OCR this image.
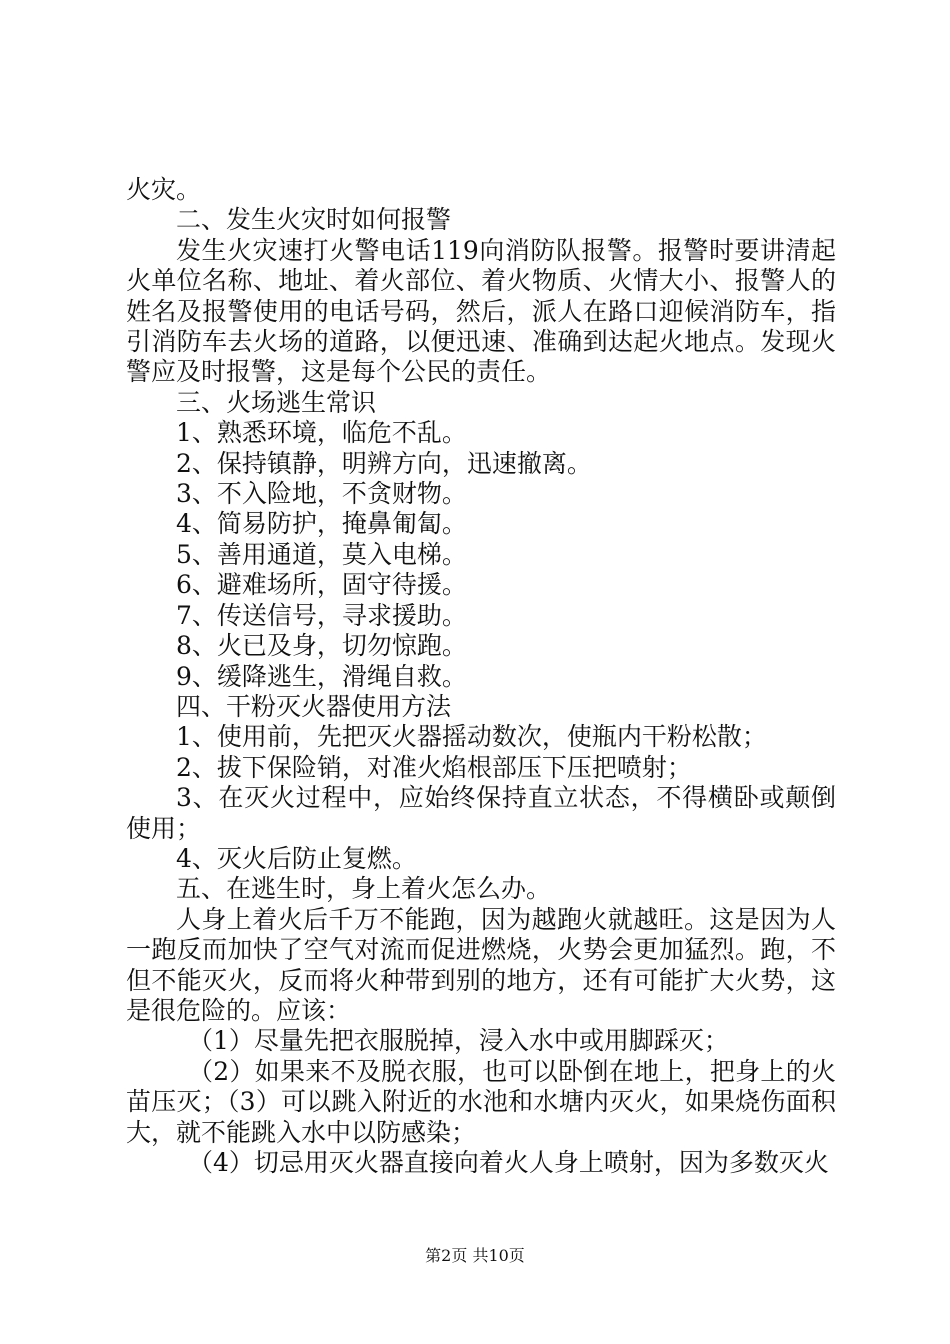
火灾。

二、发生火灾时如何报警

发生火灾速打火警电话119向消防队报警。报警时要讲清起火单位名称、地址、着火部位、着火物质、火情大小、报警人的姓名及报警使用的电话号码，然后，派人在路口迎候消防车，指引消防车去火场的道路，以便迅速、准确到达起火地点。发现火警应及时报警，这是每个公民的责任。

三、火场逃生常识

1、熟悉环境，临危不乱。

2、保持镇静，明辨方向，迅速撤离。

3、不入险地，不贪财物。

4、简易防护，掩鼻匍匐。

5、善用通道，莫入电梯。

6、避难场所，固守待援。

7、传送信号，寻求援助。

8、火已及身，切勿惊跑。

9、缓降逃生，滑绳自救。

四、干粉灭火器使用方法

1、使用前，先把灭火器摇动数次，使瓶内干粉松散；

2、拔下保险销，对准火焰根部压下压把喷射；

3、在灭火过程中，应始终保持直立状态，不得横卧或颠倒使用；

4、灭火后防止复燃。

五、在逃生时，身上着火怎么办。

人身上着火后千万不能跑，因为越跑火就越旺。这是因为人一跑反而加快了空气对流而促进燃烧，火势会更加猛烈。跑，不但不能灭火，反而将火种带到别的地方，还有可能扩大火势，这是很危险的。应该：

（1）尽量先把衣服脱掉，浸入水中或用脚踩灭；

（2）如果来不及脱衣服，也可以卧倒在地上，把身上的火苗压灭；（3）可以跳入附近的水池和水塘内灭火，如果烧伤面积大，就不能跳入水中以防感染；

（4）切忌用灭火器直接向着火人身上喷射，因为多数灭火

第2页 共10页
